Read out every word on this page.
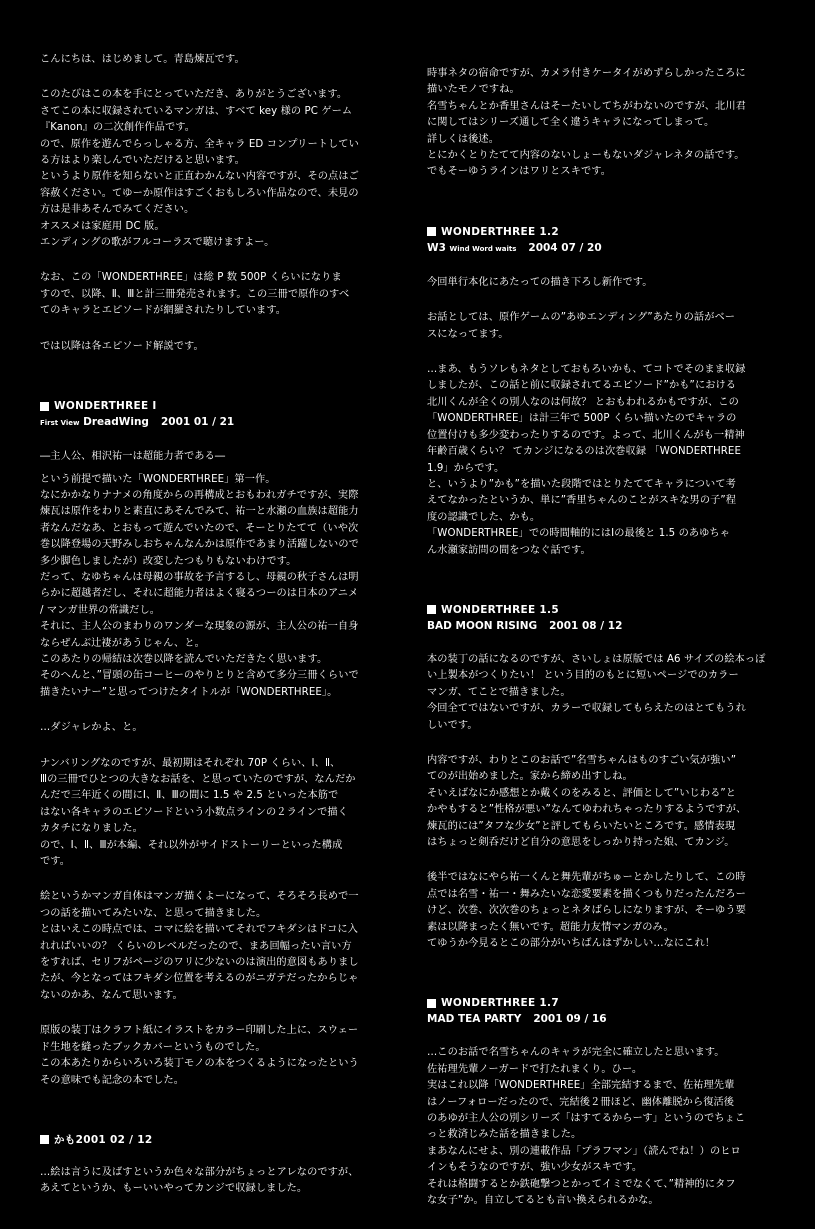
こんにちは、はじめまして。青島煉瓦です。

このたびはこの本を手にとっていただき、ありがとうございます。
さてこの本に収録されているマンガは、すべて key 様の PC ゲーム
『Kanon』の二次創作作品です。
ので、原作を遊んでらっしゃる方、全キャラ ED コンプリートしてい
る方はより楽しんでいただけると思います。
というより原作を知らないと正直わかんない内容ですが、その点はご
容赦ください。てゆーか原作はすごくおもしろい作品なので、未見の
方は是非あそんでみてください。
オススメは家庭用 DC 版。
エンディングの歌がフルコーラスで聴けますよー。

なお、この「WONDERTHREE」は総 P 数 500P くらいになりま
すので、以降、Ⅱ、Ⅲと計三冊発売されます。この三冊で原作のすべ
てのキャラとエピソードが網羅されたりしています。

では以降は各エピソード解説です。

WONDERTHREE Ⅰ
First View DreadWing 2001 01 / 21

―主人公、相沢祐一は超能力者である―

という前提で描いた「WONDERTHREE」第一作。
なにかかなりナナメの角度からの再構成とおもわれガチですが、実際
煉瓦は原作をわりと素直にあそんでみて、祐一と水瀬の血族は超能力
者なんだなあ、とおもって遊んでいたので、そーとりたてて（いや次
巻以降登場の天野みしおちゃんなんかは原作であまり活躍しないので
多少脚色しましたが）改変したつもりもないわけです。
だって、なゆちゃんは母親の事故を予言するし、母親の秋子さんは明
らかに超越者だし、それに超能力者はよく寝るつーのは日本のアニメ
/ マンガ世界の常識だし。
それに、主人公のまわりのワンダーな現象の源が、主人公の祐一自身
ならぜんぶ辻褄があうじゃん、と。
このあたりの帰結は次巻以降を読んでいただきたく思います。
そのへんと、”冒頭の缶コーヒーのやりとりと含めて多分三冊くらいで
描きたいナー”と思ってつけたタイトルが「WONDERTHREE」。

…ダジャレかよ、と。

ナンバリングなのですが、最初期はそれぞれ 70P くらい、Ⅰ、Ⅱ、
Ⅲの三冊でひとつの大きなお話を、と思っていたのですが、なんだか
んだで三年近くの間にⅠ、Ⅱ、Ⅲの間に 1.5 や 2.5 といった本筋で
はない各キャラのエピソードという小数点ラインの２ラインで描く
カタチになりました。
ので、Ⅰ、Ⅱ、Ⅲが本編、それ以外がサイドストーリーといった構成
です。

絵というかマンガ自体はマンガ描くよーになって、そろそろ長めで一
つの話を描いてみたいな、と思って描きました。
とはいえこの時点では、コマに絵を描いてそれでフキダシはドコに入
れればいいの？ くらいのレベルだったので、まあ回幅ったい言い方
をすれば、セリフがページのワリに少ないのは演出的意図もありまし
たが、今となってはフキダシ位置を考えるのがニガテだったからじゃ
ないのかあ、なんて思います。

原版の装丁はクラフト紙にイラストをカラー印刷した上に、スウェー
ド生地を縫ったブックカバーというものでした。
この本あたりからいろいろ装丁モノの本をつくるようになったという
その意味でも記念の本でした。

かも 2001 02 / 12

…絵は言うに及ばすというか色々な部分がちょっとアレなのですが、
あえてというか、もーいいやってカンジで収録しました。

時事ネタの宿命ですが、カメラ付きケータイがめずらしかったころに
描いたモノですね。
名雪ちゃんとか香里さんはそーたいしてちがわないのですが、北川君
に関してはシリーズ通して全く違うキャラになってしまって。
詳しくは後述。
とにかくとりたてて内容のないしょーもないダジャレネタの話です。
でもそーゆうラインはワリとスキです。

WONDERTHREE 1.2
W3 Wind Word waits 2004 07 / 20

今回単行本化にあたっての描き下ろし新作です。

お話としては、原作ゲームの”あゆエンディング”あたりの話がベー
スになってます。

…まあ、もうソレもネタとしておもろいかも、てコトでそのまま収録
しましたが、この話と前に収録されてるエピソード”かも”における
北川くんが全くの別人なのは何故？ とおもわれるかもですが、この
「WONDERTHREE」は計三年で 500P くらい描いたのでキャラの
位置付けも多少変わったりするのです。よって、北川くんがも一精神
年齢百歳くらい？ てカンジになるのは次巻収録 「WONDERTHREE
1.9」からです。
と、いうより”かも”を描いた段階ではとりたててキャラについて考
えてなかったというか、単に”香里ちゃんのことがスキな男の子”程
度の認識でした、かも。
「WONDERTHREE」での時間軸的にはⅠの最後と 1.5 のあゆちゃ
ん水瀬家訪問の間をつなぐ話です。

WONDERTHREE 1.5
BAD MOON RISING 2001 08 / 12

本の装丁の話になるのですが、さいしょは原版では A6 サイズの絵本っぽ
い上製本がつくりたい！ という目的のもとに短いページでのカラー
マンガ、てことで描きました。
今回全てではないですが、カラーで収録してもらえたのはとてもうれ
しいです。

内容ですが、わりとこのお話で”名雪ちゃんはものすごい気が強い”
てのが出始めました。家から締め出すしね。
そいえばなにか感想とか戴くのをみると、評価として”いじわる”と
かやもすると”性格が悪い”なんてゆわれちゃったりするようですが、
煉瓦的には”タフな少女”と評してもらいたいところです。感情表現
はちょっと剣呑だけど自分の意思をしっかり持った娘、てカンジ。

後半ではなにやら祐一くんと舞先輩がちゅーとかしたりして、この時
点では名雪・祐一・舞みたいな恋愛要素を描くつもりだったんだろー
けど、次巻、次次巻のちょっとネタばらしになりますが、そーゆう要
素は以降まったく無いです。超能力友情マンガのみ。
てゆうか今見るとこの部分がいちばんはずかしい…なにこれ！

WONDERTHREE 1.7
MAD TEA PARTY 2001 09 / 16

…このお話で名雪ちゃんのキャラが完全に確立したと思います。
佐祐理先輩ノーガードで打たれまくり。ひー。
実はこれ以降「WONDERTHREE」全部完結するまで、佐祐理先輩
はノーフォローだったので、完結後２冊ほど、幽体離脱から復活後
のあゆが主人公の別シリーズ「はすてるからーす」というのでちょこ
っと救済じみた話を描きました。
まあなんにせよ、別の連載作品「プラフマン」（読んでね！）のヒロ
インもそうなのですが、強い少女がスキです。
それは格闘するとか鉄砲撃つとかってイミでなくて、”精神的にタフ
な女子”か。自立してるとも言い換えられるかな。
